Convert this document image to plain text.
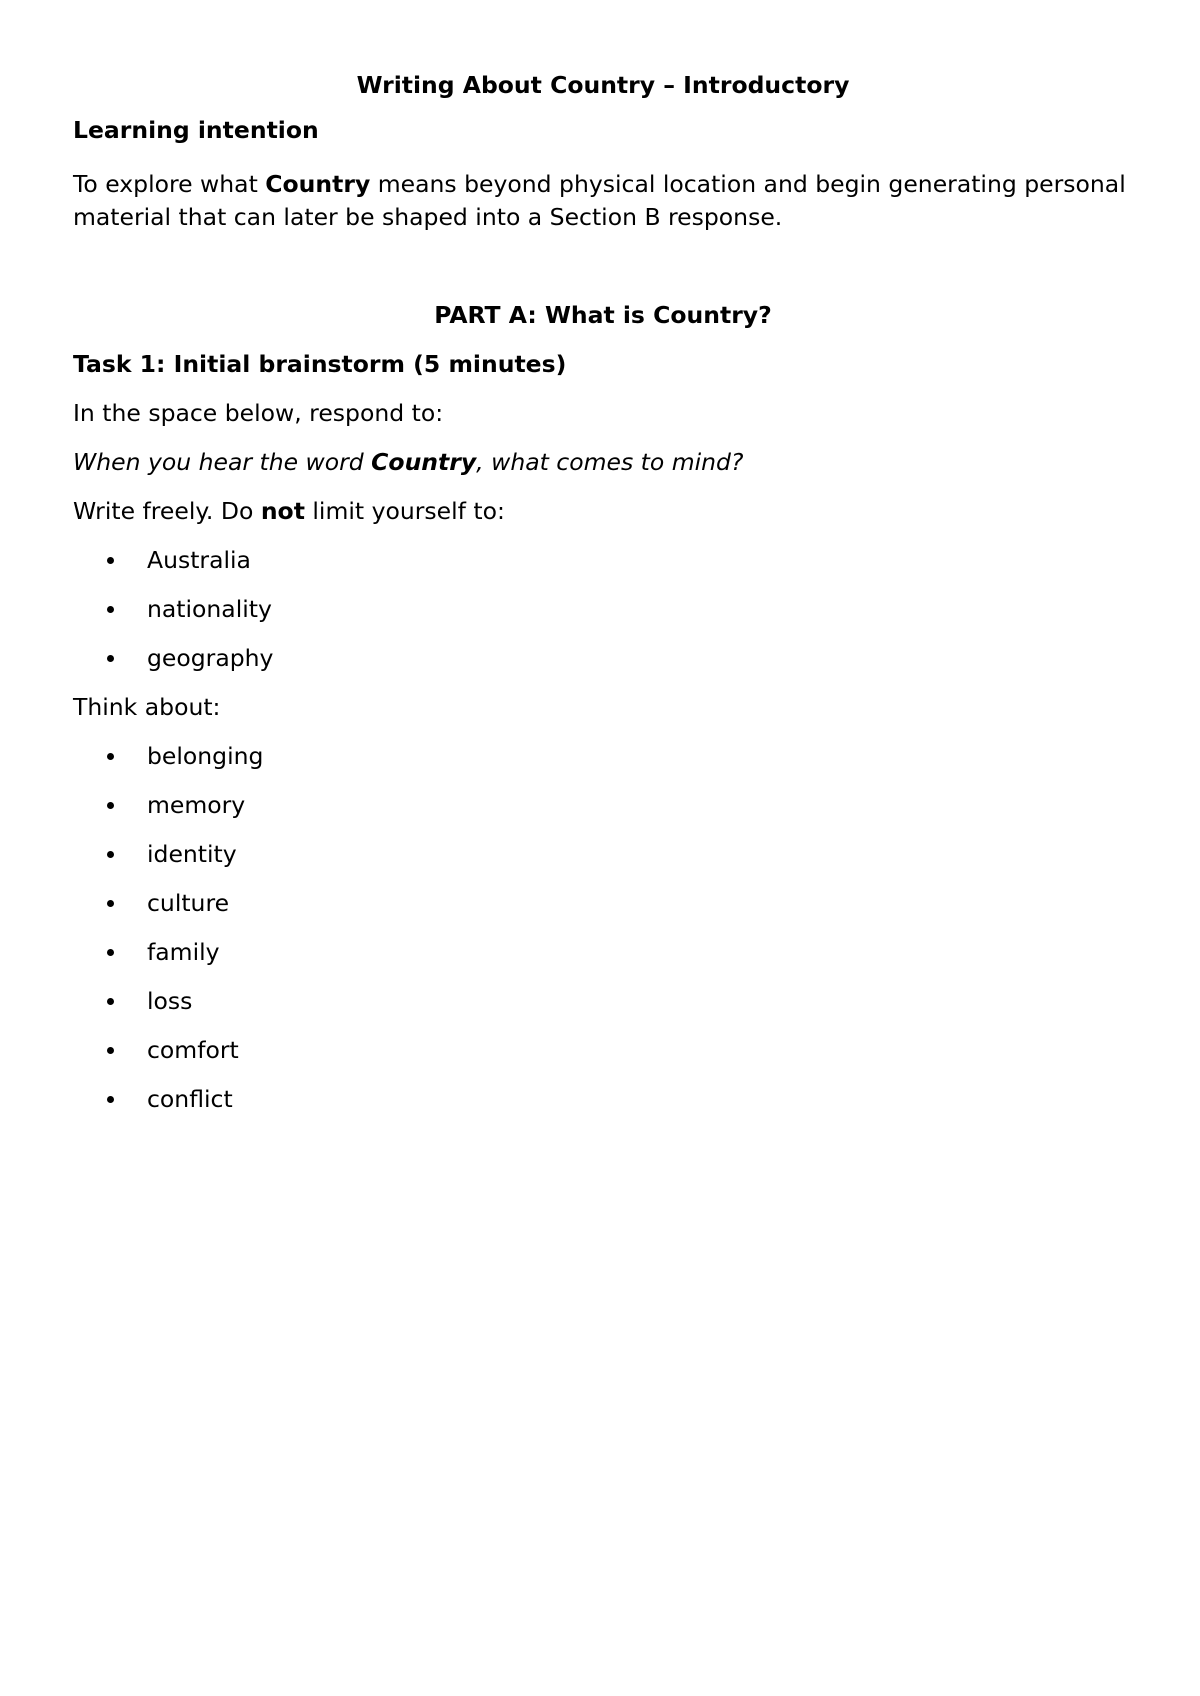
Writing About Country – Introductory
Learning intention

To explore what Country means beyond physical location and begin generating personal material that can later be shaped into a Section B response.

PART A: What is Country?
Task 1: Initial brainstorm (5 minutes)
In the space below, respond to:
When you hear the word Country, what comes to mind?
Write freely. Do not limit yourself to:
Australia
nationality
geography
Think about:
belonging
memory
identity
culture
family
loss
comfort
conflict
